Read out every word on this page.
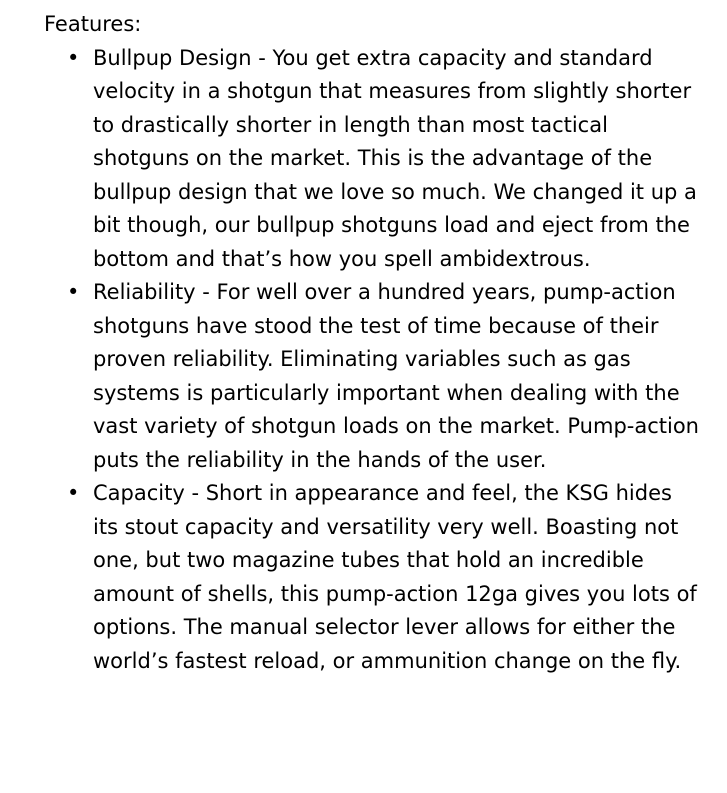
Features:

• Bullpup Design - You get extra capacity and standard velocity in a shotgun that measures from slightly shorter to drastically shorter in length than most tactical shotguns on the market. This is the advantage of the bullpup design that we love so much. We changed it up a bit though, our bullpup shotguns load and eject from the bottom and that’s how you spell ambidextrous.
• Reliability - For well over a hundred years, pump-action shotguns have stood the test of time because of their proven reliability. Eliminating variables such as gas systems is particularly important when dealing with the vast variety of shotgun loads on the market. Pump-action puts the reliability in the hands of the user.
• Capacity - Short in appearance and feel, the KSG hides its stout capacity and versatility very well. Boasting not one, but two magazine tubes that hold an incredible amount of shells, this pump-action 12ga gives you lots of options. The manual selector lever allows for either the world’s fastest reload, or ammunition change on the fly.
